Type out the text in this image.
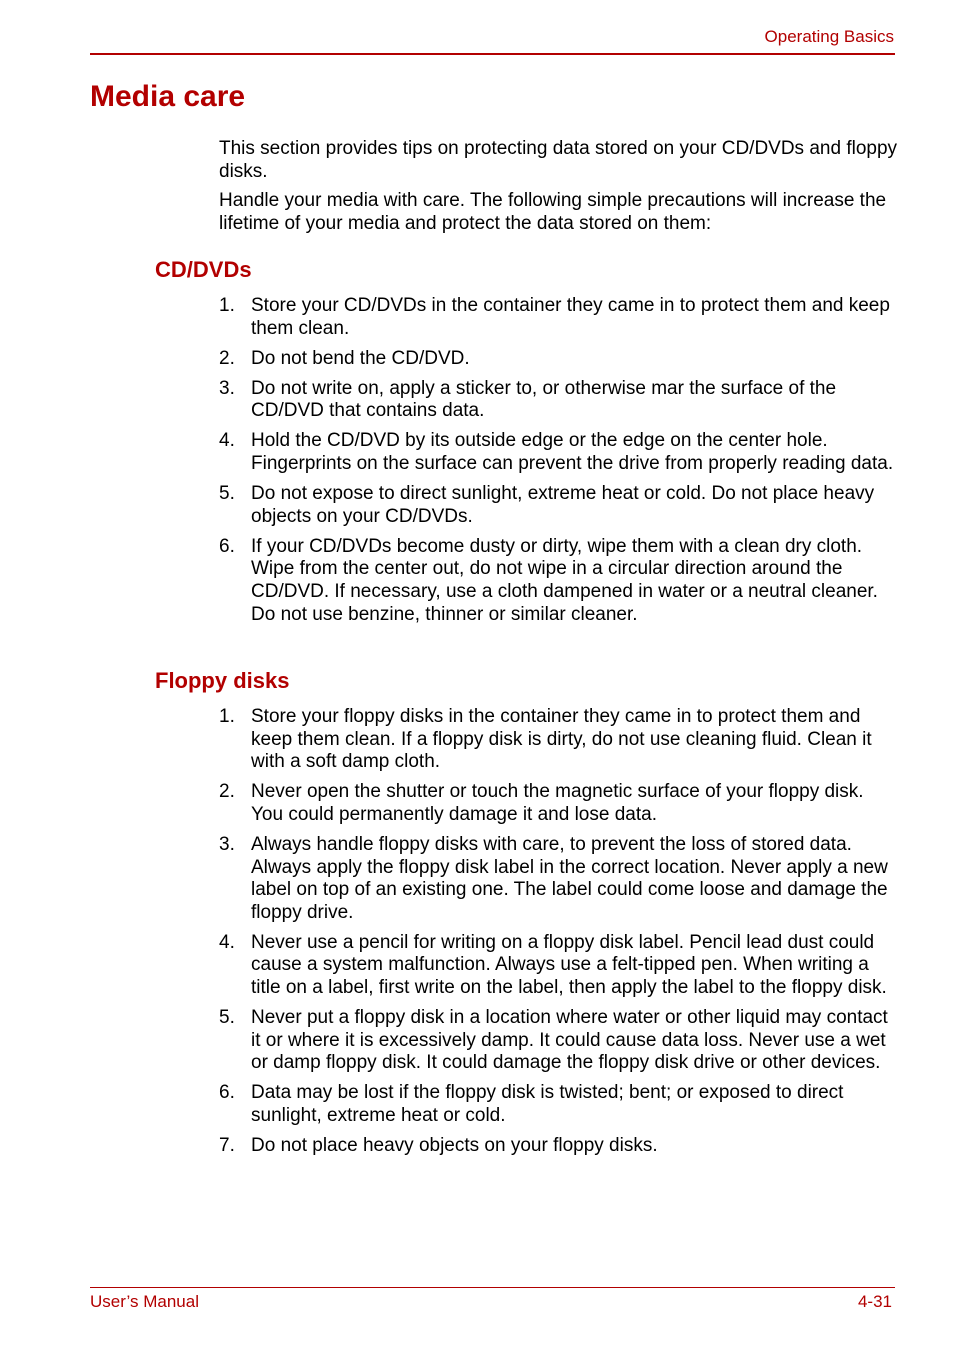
Operating Basics
Media care

This section provides tips on protecting data stored on your CD/DVDs and floppy disks.

Handle your media with care. The following simple precautions will increase the lifetime of your media and protect the data stored on them:

CD/DVDs
1. Store your CD/DVDs in the container they came in to protect them and keep them clean.
2. Do not bend the CD/DVD.
3. Do not write on, apply a sticker to, or otherwise mar the surface of the CD/DVD that contains data.
4. Hold the CD/DVD by its outside edge or the edge on the center hole. Fingerprints on the surface can prevent the drive from properly reading data.
5. Do not expose to direct sunlight, extreme heat or cold. Do not place heavy objects on your CD/DVDs.
6. If your CD/DVDs become dusty or dirty, wipe them with a clean dry cloth. Wipe from the center out, do not wipe in a circular direction around the CD/DVD. If necessary, use a cloth dampened in water or a neutral cleaner. Do not use benzine, thinner or similar cleaner.
Floppy disks
1. Store your floppy disks in the container they came in to protect them and keep them clean. If a floppy disk is dirty, do not use cleaning fluid. Clean it with a soft damp cloth.
2. Never open the shutter or touch the magnetic surface of your floppy disk. You could permanently damage it and lose data.
3. Always handle floppy disks with care, to prevent the loss of stored data. Always apply the floppy disk label in the correct location. Never apply a new label on top of an existing one. The label could come loose and damage the floppy drive.
4. Never use a pencil for writing on a floppy disk label. Pencil lead dust could cause a system malfunction. Always use a felt-tipped pen. When writing a title on a label, first write on the label, then apply the label to the floppy disk.
5. Never put a floppy disk in a location where water or other liquid may contact it or where it is excessively damp. It could cause data loss. Never use a wet or damp floppy disk. It could damage the floppy disk drive or other devices.
6. Data may be lost if the floppy disk is twisted; bent; or exposed to direct sunlight, extreme heat or cold.
7. Do not place heavy objects on your floppy disks.
User’s Manual	4-31
